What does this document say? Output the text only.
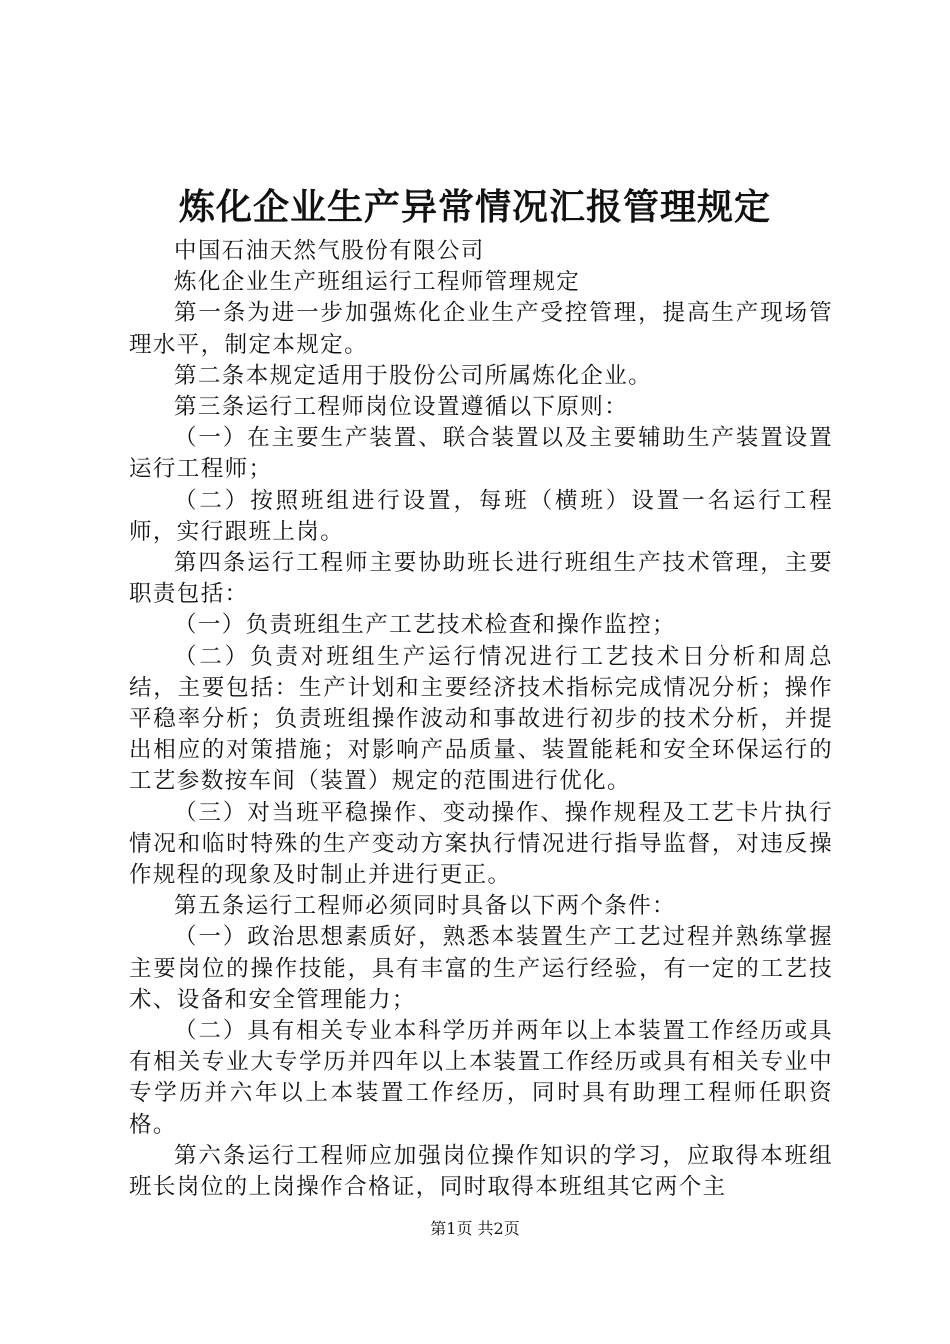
炼化企业生产异常情况汇报管理规定

中国石油天然气股份有限公司

炼化企业生产班组运行工程师管理规定

第一条为进一步加强炼化企业生产受控管理，提高生产现场管理水平，制定本规定。

第二条本规定适用于股份公司所属炼化企业。

第三条运行工程师岗位设置遵循以下原则：

（一）在主要生产装置、联合装置以及主要辅助生产装置设置运行工程师；

（二）按照班组进行设置，每班（横班）设置一名运行工程师，实行跟班上岗。

第四条运行工程师主要协助班长进行班组生产技术管理，主要职责包括：

（一）负责班组生产工艺技术检查和操作监控；

（二）负责对班组生产运行情况进行工艺技术日分析和周总结，主要包括：生产计划和主要经济技术指标完成情况分析；操作平稳率分析；负责班组操作波动和事故进行初步的技术分析，并提出相应的对策措施；对影响产品质量、装置能耗和安全环保运行的工艺参数按车间（装置）规定的范围进行优化。

（三）对当班平稳操作、变动操作、操作规程及工艺卡片执行情况和临时特殊的生产变动方案执行情况进行指导监督，对违反操作规程的现象及时制止并进行更正。

第五条运行工程师必须同时具备以下两个条件：

（一）政治思想素质好，熟悉本装置生产工艺过程并熟练掌握主要岗位的操作技能，具有丰富的生产运行经验，有一定的工艺技术、设备和安全管理能力；

（二）具有相关专业本科学历并两年以上本装置工作经历或具有相关专业大专学历并四年以上本装置工作经历或具有相关专业中专学历并六年以上本装置工作经历，同时具有助理工程师任职资格。

第六条运行工程师应加强岗位操作知识的学习，应取得本班组班长岗位的上岗操作合格证，同时取得本班组其它两个主

第1页 共2页
